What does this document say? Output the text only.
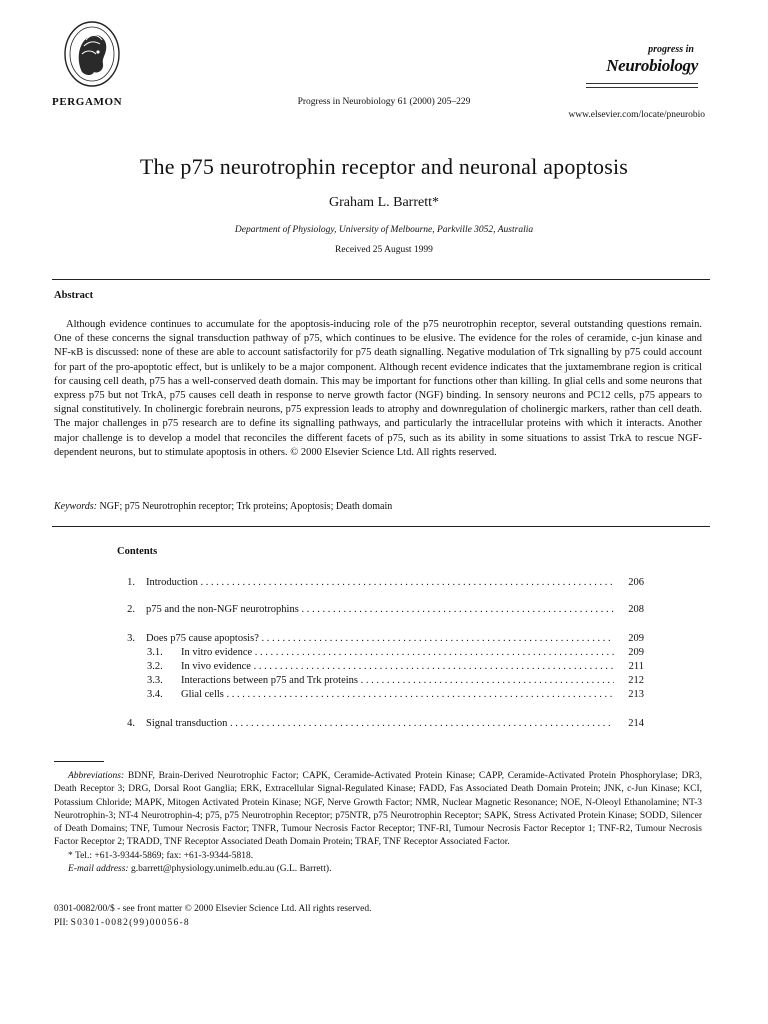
PERGAMON	Progress in Neurobiology 61 (2000) 205–229
progress in
Neurobiology
www.elsevier.com/locate/pneurobio
The p75 neurotrophin receptor and neuronal apoptosis
Graham L. Barrett*
Department of Physiology, University of Melbourne, Parkville 3052, Australia
Received 25 August 1999
Abstract
Although evidence continues to accumulate for the apoptosis-inducing role of the p75 neurotrophin receptor, several outstanding questions remain. One of these concerns the signal transduction pathway of p75, which continues to be elusive. The evidence for the roles of ceramide, c-jun kinase and NF-κB is discussed: none of these are able to account satisfactorily for p75 death signalling. Negative modulation of Trk signalling by p75 could account for part of the pro-apoptotic effect, but is unlikely to be a major component. Although recent evidence indicates that the juxtamembrane region is critical for causing cell death, p75 has a well-conserved death domain. This may be important for functions other than killing. In glial cells and some neurons that express p75 but not TrkA, p75 causes cell death in response to nerve growth factor (NGF) binding. In sensory neurons and PC12 cells, p75 appears to signal constitutively. In cholinergic forebrain neurons, p75 expression leads to atrophy and downregulation of cholinergic markers, rather than cell death. The major challenges in p75 research are to define its signalling pathways, and particularly the intracellular proteins with which it interacts. Another major challenge is to develop a model that reconciles the different facets of p75, such as its ability in some situations to assist TrkA to rescue NGF-dependent neurons, but to stimulate apoptosis in others. © 2000 Elsevier Science Ltd. All rights reserved.
Keywords: NGF; p75 Neurotrophin receptor; Trk proteins; Apoptosis; Death domain
Contents
1. Introduction . . .	206
2. p75 and the non-NGF neurotrophins . . .	208
3. Does p75 cause apoptosis? . . .	209
3.1.	In vitro evidence . . .	209
3.2.	In vivo evidence . . .	211
3.3.	Interactions between p75 and Trk proteins . . .	212
3.4.	Glial cells . . .	213
4. Signal transduction . . .	214
Abbreviations: BDNF, Brain-Derived Neurotrophic Factor; CAPK, Ceramide-Activated Protein Kinase; CAPP, Ceramide-Activated Protein Phosphorylase; DR3, Death Receptor 3; DRG, Dorsal Root Ganglia; ERK, Extracellular Signal-Regulated Kinase; FADD, Fas Associated Death Domain Protein; JNK, c-Jun Kinase; KCI, Potassium Chloride; MAPK, Mitogen Activated Protein Kinase; NGF, Nerve Growth Factor; NMR, Nuclear Magnetic Resonance; NOE, N-Oleoyl Ethanolamine; NT-3 Neurotrophin-3; NT-4 Neurotrophin-4; p75, p75 Neurotrophin Receptor; p75NTR, p75 Neurotrophin Receptor; SAPK, Stress Activated Protein Kinase; SODD, Silencer of Death Domains; TNF, Tumour Necrosis Factor; TNFR, Tumour Necrosis Factor Receptor; TNF-RI, Tumour Necrosis Factor Receptor 1; TNF-R2, Tumour Necrosis Factor Receptor 2; TRADD, TNF Receptor Associated Death Domain Protein; TRAF, TNF Receptor Associated Factor.
* Tel.: +61-3-9344-5869; fax: +61-3-9344-5818.
E-mail address: g.barrett@physiology.unimelb.edu.au (G.L. Barrett).
0301-0082/00/$ - see front matter © 2000 Elsevier Science Ltd. All rights reserved.
PII: S0301-0082(99)00056-8
